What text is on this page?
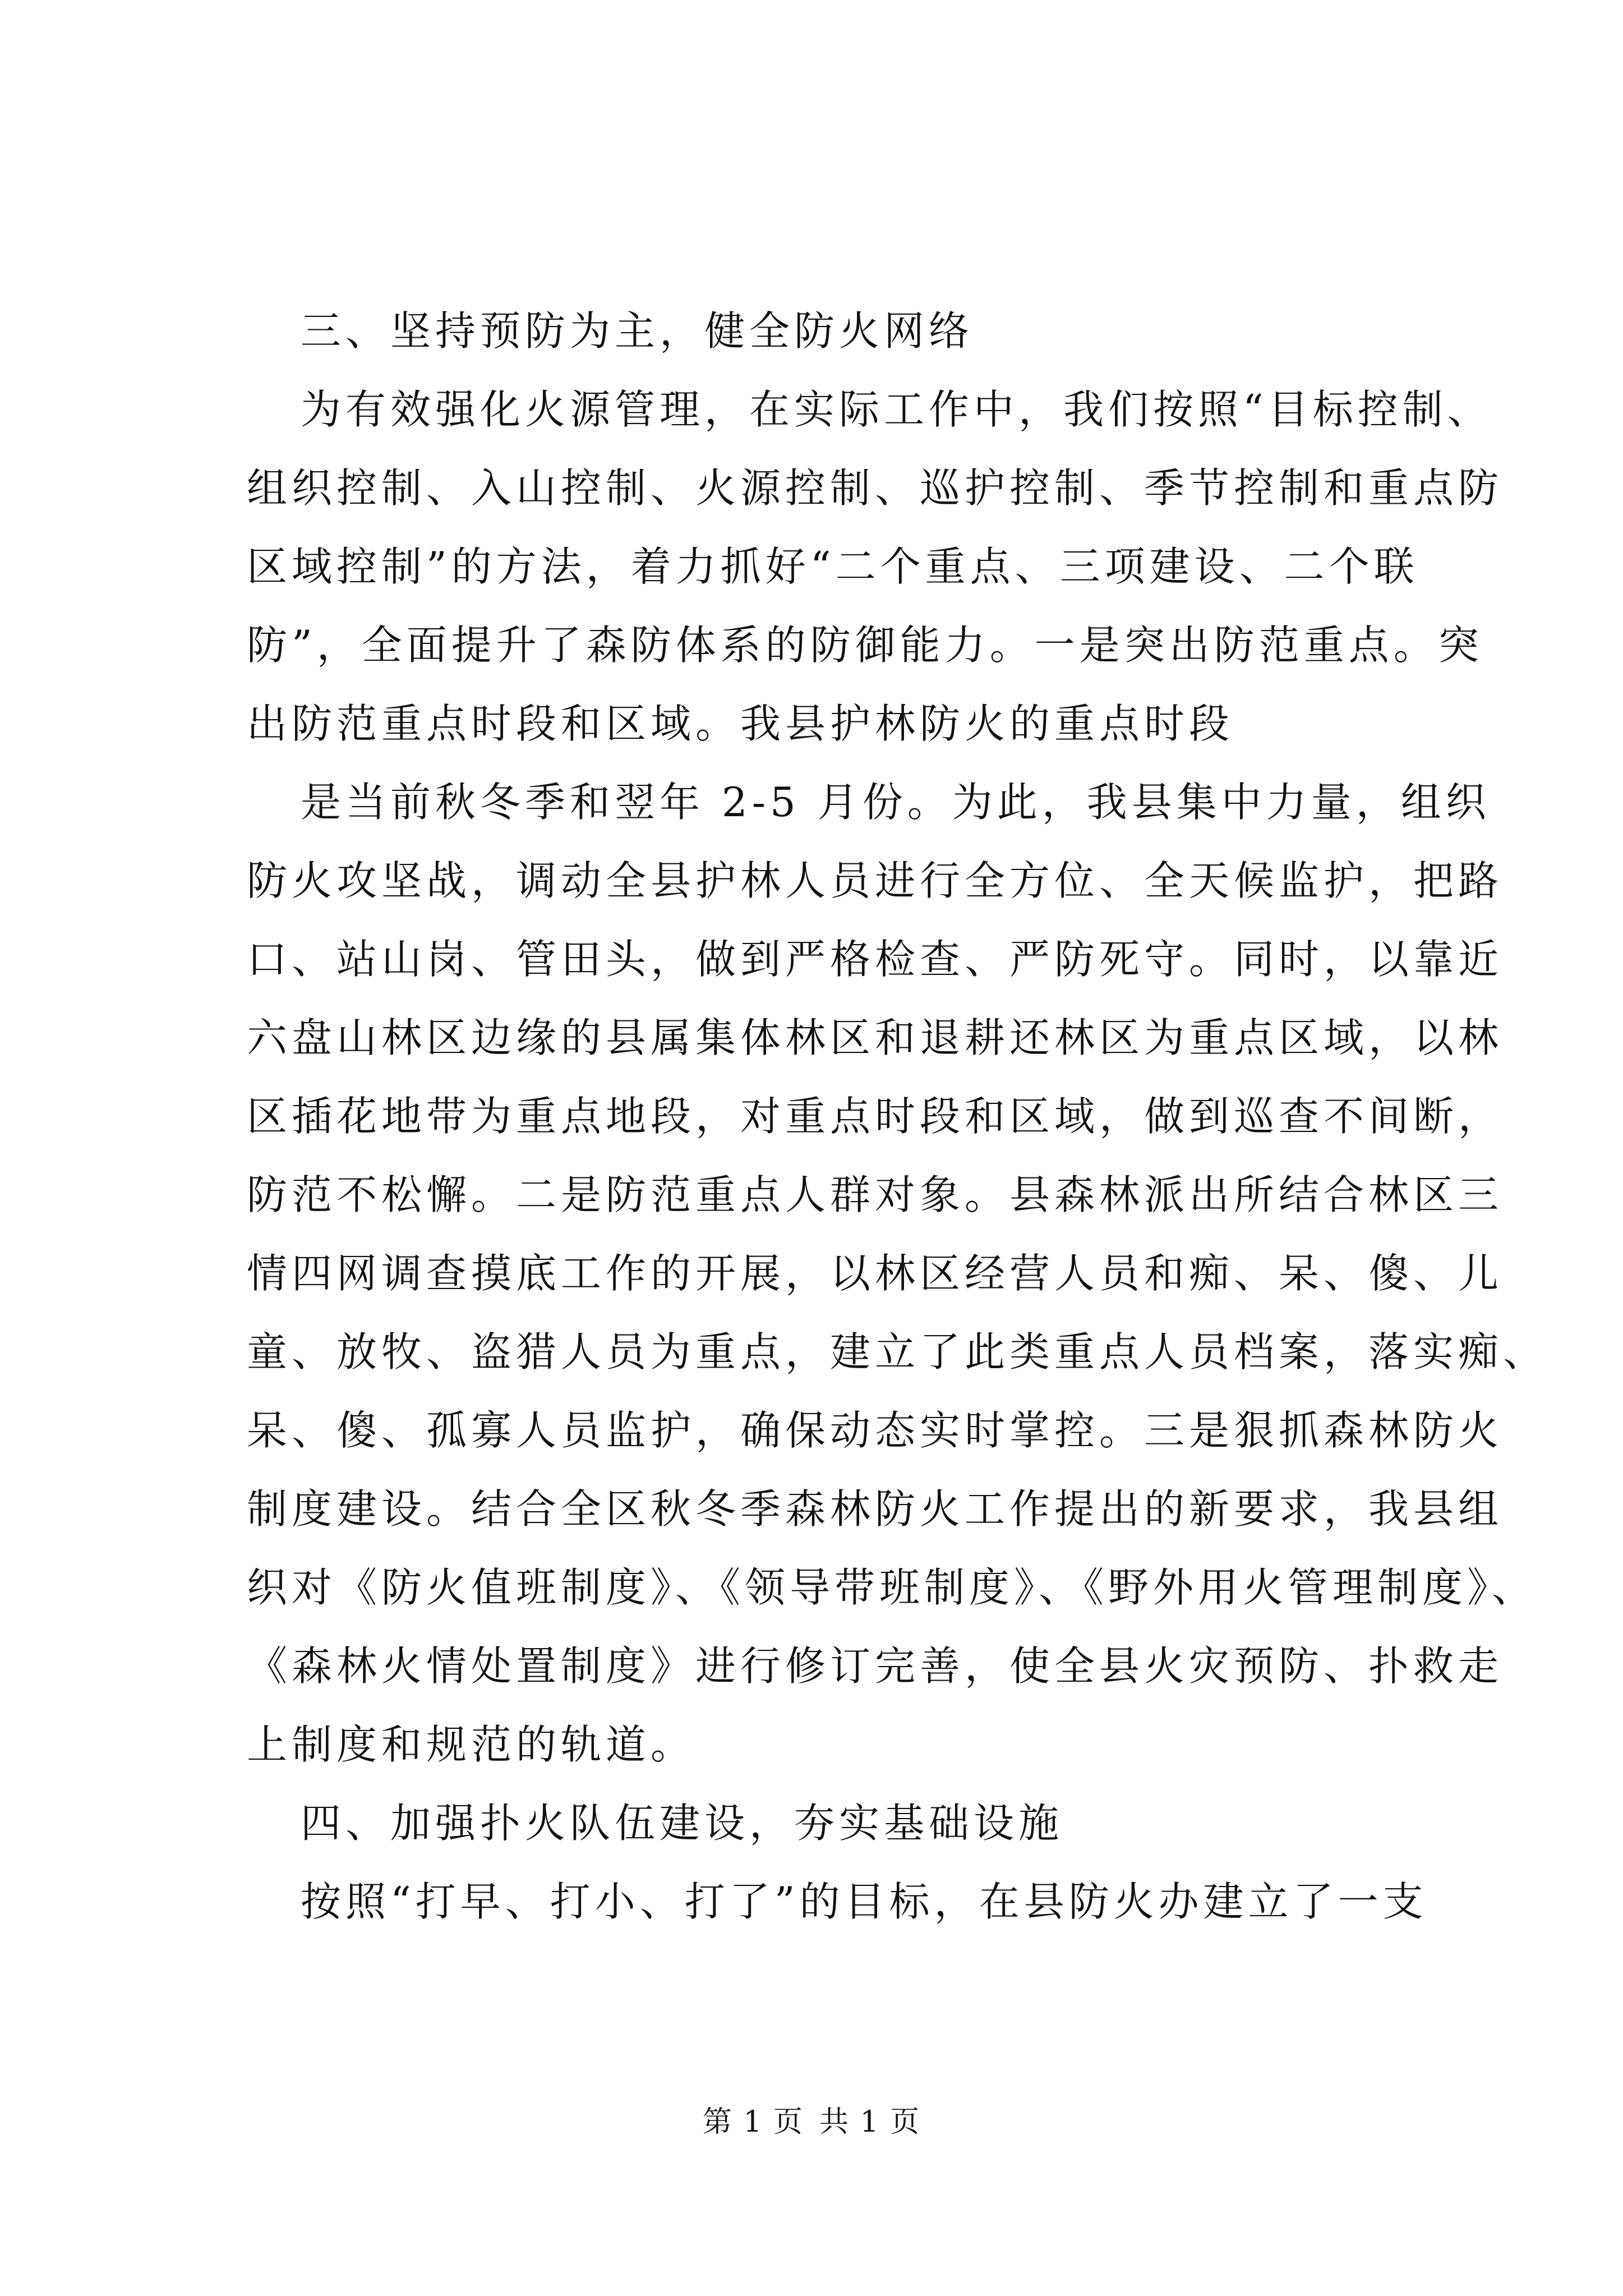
三、坚持预防为主，健全防火网络
为有效强化火源管理，在实际工作中，我们按照“目标控制、
组织控制、入山控制、火源控制、巡护控制、季节控制和重点防
区域控制”的方法，着力抓好“二个重点、三项建设、二个联
防”，全面提升了森防体系的防御能力。一是突出防范重点。突
出防范重点时段和区域。我县护林防火的重点时段
是当前秋冬季和翌年 2-5 月份。为此，我县集中力量，组织
防火攻坚战，调动全县护林人员进行全方位、全天候监护，把路
口、站山岗、管田头，做到严格检查、严防死守。同时，以靠近
六盘山林区边缘的县属集体林区和退耕还林区为重点区域，以林
区插花地带为重点地段，对重点时段和区域，做到巡查不间断，
防范不松懈。二是防范重点人群对象。县森林派出所结合林区三
情四网调查摸底工作的开展，以林区经营人员和痴、呆、傻、儿
童、放牧、盗猎人员为重点，建立了此类重点人员档案，落实痴、
呆、傻、孤寡人员监护，确保动态实时掌控。三是狠抓森林防火
制度建设。结合全区秋冬季森林防火工作提出的新要求，我县组
织对《防火值班制度》、《领导带班制度》、《野外用火管理制度》、
《森林火情处置制度》进行修订完善，使全县火灾预防、扑救走
上制度和规范的轨道。
四、加强扑火队伍建设，夯实基础设施
按照“打早、打小、打了”的目标，在县防火办建立了一支
第 1 页 共 1 页
